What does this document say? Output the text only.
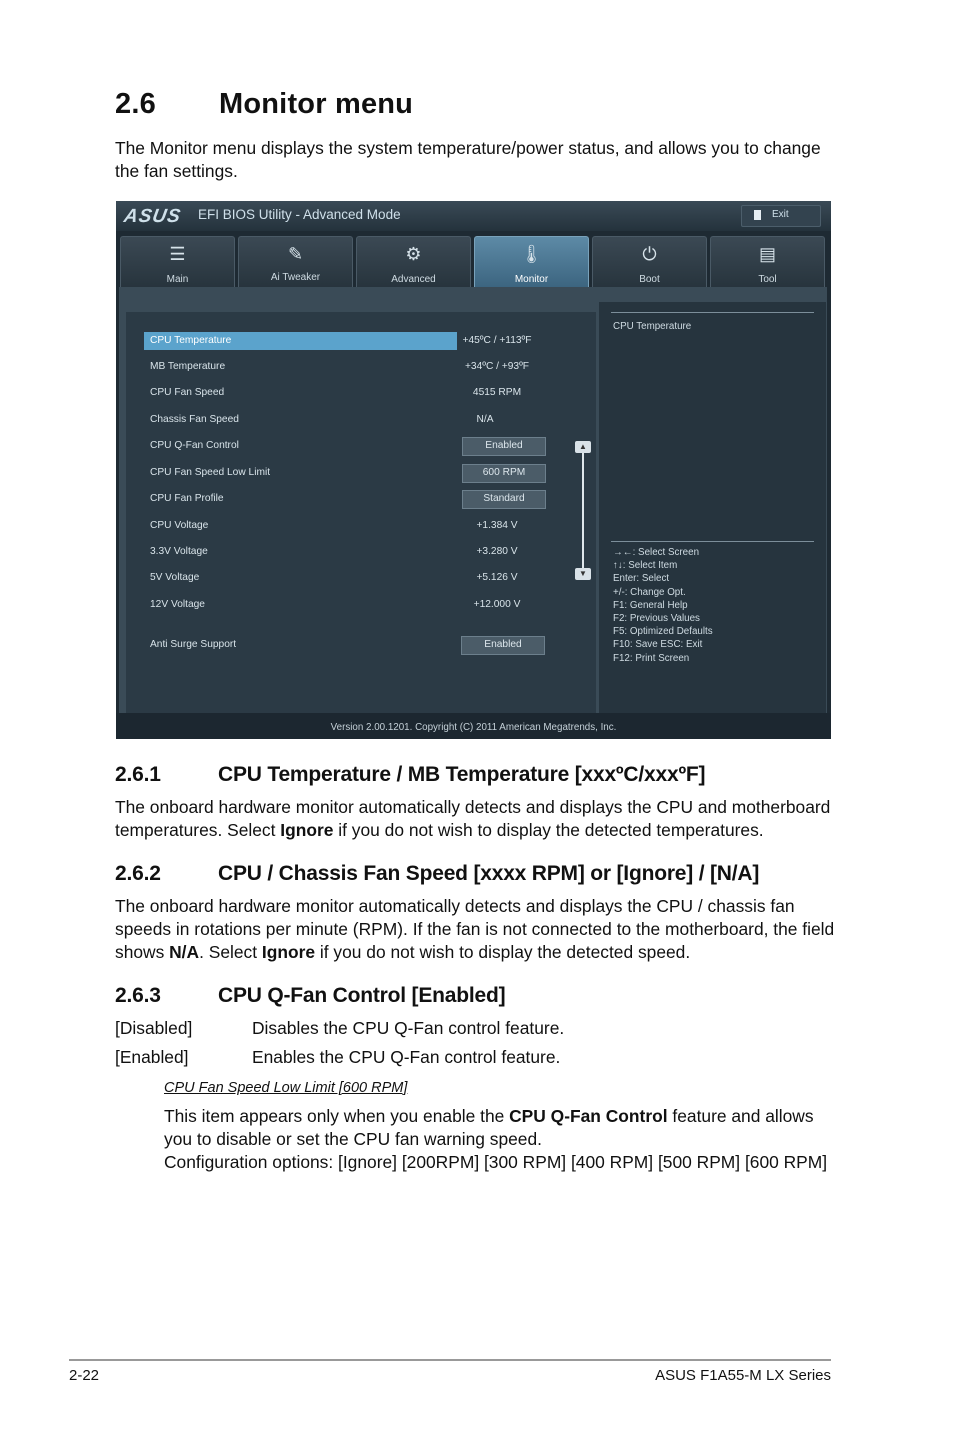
2.6 Monitor menu

The Monitor menu displays the system temperature/power status, and allows you to change the fan settings.

ASUS EFI BIOS Utility - Advanced Mode	Exit
☰
Main
✎
Ai Tweaker
⚙
Advanced
🌡
Monitor
⏻
Boot
▤
Tool
CPU Temperature	+45ºC / +113ºF
MB Temperature	+34ºC / +93ºF
CPU Fan Speed	4515 RPM
Chassis Fan Speed	N/A
CPU Q-Fan Control	Enabled
CPU Fan Speed Low Limit	600 RPM
CPU Fan Profile	Standard
CPU Voltage	+1.384 V
3.3V Voltage	+3.280 V
5V Voltage	+5.126 V
12V Voltage	+12.000 V
Anti Surge Support	Enabled
▲
▼
CPU Temperature
→←: Select Screen
↑↓: Select Item
Enter: Select
+/-: Change Opt.
F1: General Help
F2: Previous Values
F5: Optimized Defaults
F10: Save ESC: Exit
F12: Print Screen
Version 2.00.1201. Copyright (C) 2011 American Megatrends, Inc.
2.6.1	CPU Temperature / MB Temperature [xxxºC/xxxºF]

The onboard hardware monitor automatically detects and displays the CPU and motherboard temperatures. Select Ignore if you do not wish to display the detected temperatures.

2.6.2	CPU / Chassis Fan Speed [xxxx RPM] or [Ignore] / [N/A]

The onboard hardware monitor automatically detects and displays the CPU / chassis fan speeds in rotations per minute (RPM). If the fan is not connected to the motherboard, the field shows N/A. Select Ignore if you do not wish to display the detected speed.

2.6.3	CPU Q-Fan Control [Enabled]
[Disabled]	Disables the CPU Q-Fan control feature.
[Enabled]	Enables the CPU Q-Fan control feature.
CPU Fan Speed Low Limit [600 RPM]

This item appears only when you enable the CPU Q-Fan Control feature and allows you to disable or set the CPU fan warning speed.
Configuration options: [Ignore] [200RPM] [300 RPM] [400 RPM] [500 RPM] [600 RPM]

2-22	ASUS F1A55-M LX Series
